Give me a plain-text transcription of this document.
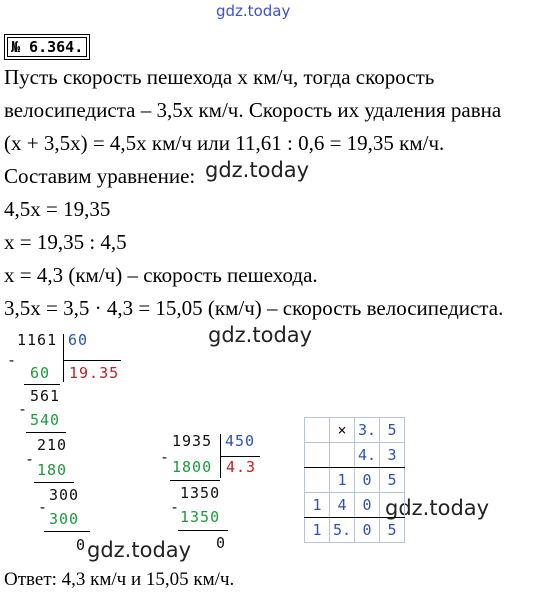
gdz.today
gdz.today
gdz.today
gdz.today
gdz.today
№ 6.364.
Пусть скорость пешехода x км/ч, тогда скорость
велосипедиста – 3,5x км/ч. Скорость их удаления равна
(x + 3,5x) = 4,5x км/ч или 11,61 : 0,6 = 19,35 км/ч.
Составим уравнение:
4,5x = 19,35
x = 19,35 : 4,5
x = 4,3 (км/ч) – скорость пешехода.
3,5x = 3,5 · 4,3 = 15,05 (км/ч) – скорость велосипедиста.
1161 60
19.35
-
60
561
-
540
210
-
180
300
-
300
0
1935 450
4.3
-
1800
1350
-
1350
0
	×	3.	5
		4.	3
	1	0	5
1	4	0	
1	5.	0	5
Ответ: 4,3 км/ч и 15,05 км/ч.
